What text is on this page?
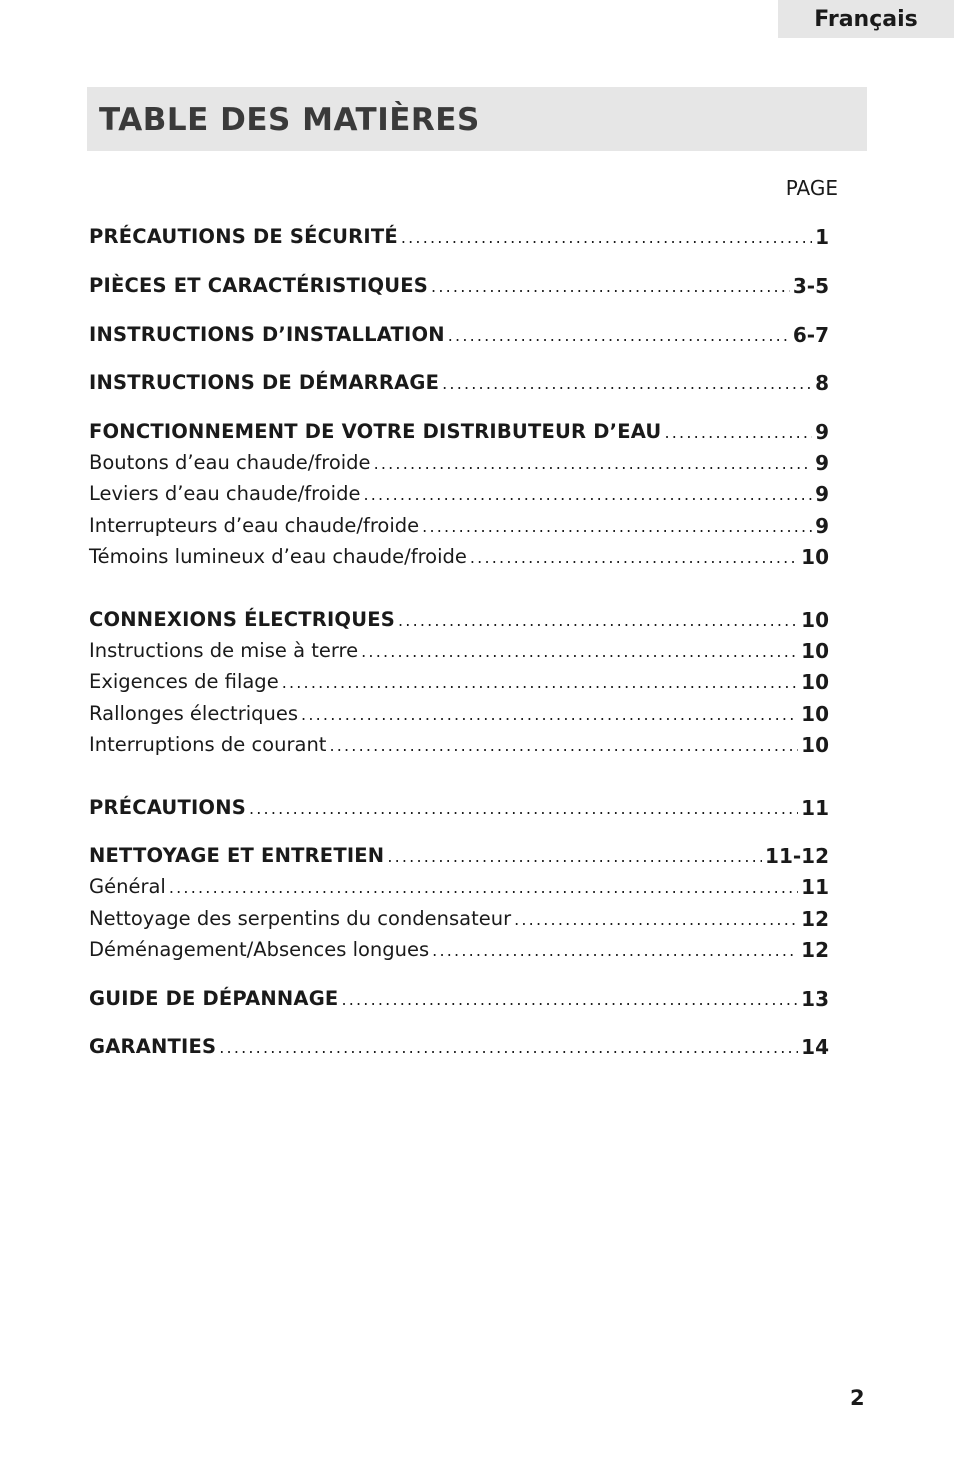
Français
TABLE DES MATIÈRES
PAGE
PRÉCAUTIONS DE SÉCURITÉ .....	1
PIÈCES ET CARACTÉRISTIQUES .....	3-5
INSTRUCTIONS D’INSTALLATION .....	6-7
INSTRUCTIONS DE DÉMARRAGE .....	8
FONCTIONNEMENT DE VOTRE DISTRIBUTEUR D’EAU .....	9
Boutons d’eau chaude/froide .....	9
Leviers d’eau chaude/froide .....	9
Interrupteurs d’eau chaude/froide .....	9
Témoins lumineux d’eau chaude/froide .....	10
CONNEXIONS ÉLECTRIQUES .....	10
Instructions de mise à terre .....	10
Exigences de filage .....	10
Rallonges électriques .....	10
Interruptions de courant .....	10
PRÉCAUTIONS .....	11
NETTOYAGE ET ENTRETIEN .....	11-12
Général .....	11
Nettoyage des serpentins du condensateur .....	12
Déménagement/Absences longues .....	12
GUIDE DE DÉPANNAGE .....	13
GARANTIES .....	14
2
